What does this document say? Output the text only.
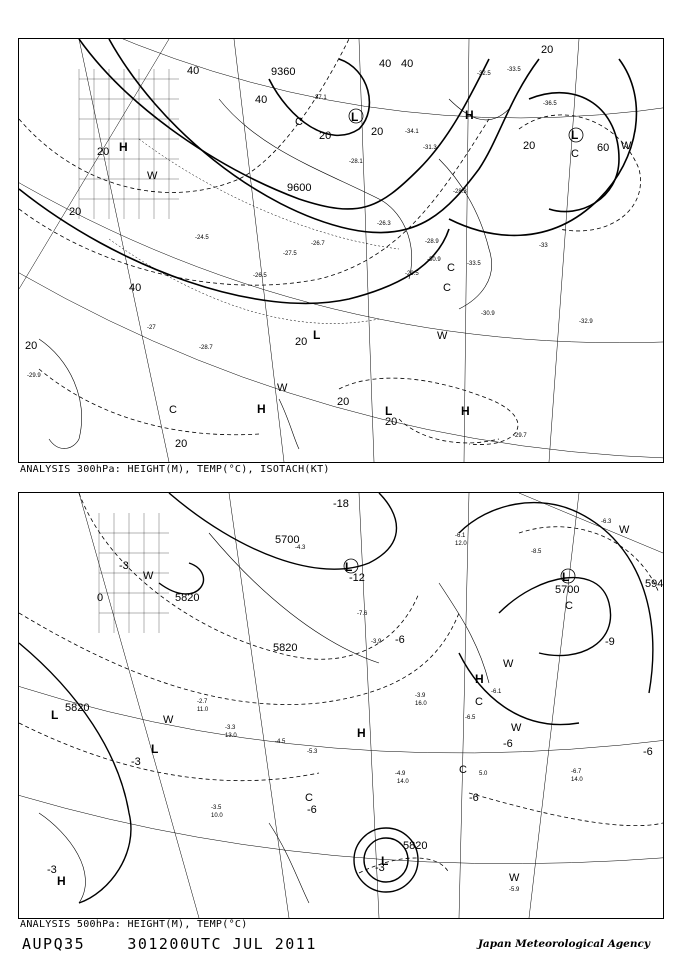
9360
9600
20
40
20
40
60
20
20	20
20
20
20
20
40
40
20
20
40
H
H
L
L
L
H	H
L
W
W
W
W
C
C
C
C
C
-33.5
-32.5
-36.5
-34.1
-31.3
-28.1
-26.3
-28.9
-30.9
-29.5
-27.5
-28.7
-29.7
-24.5
-26.7
-32.9
-33.5
-30.9
-26.5
-28.3
-37.1
-27
-33
-29.9
ANALYSIS 300hPa: HEIGHT(M), TEMP(°C), ISOTACH(KT)
5700
5820
5820
5700
5820
5820
594
-18
-12
-3
0
-6
-6
-3
-3
-9
-6
-6
-6
-3
L
L
L
L
H
L
H
H
W
W
W
W
W
W
C
C
C
C
-3.5
10.0
-6.1
12.0
-4.9	5.0
-6.5
14.0
-2.7
11.0
-4.5
-3.3
13.0
-6.7
14.0
-5.3
-3.9
16.0
-4.3
-7.6
-8.5
-6.3
-6.1
-5.9
-3.9
ANALYSIS 500hPa: HEIGHT(M), TEMP(°C)
AUPQ35	301200UTC JUL 2011	Japan Meteorological Agency
